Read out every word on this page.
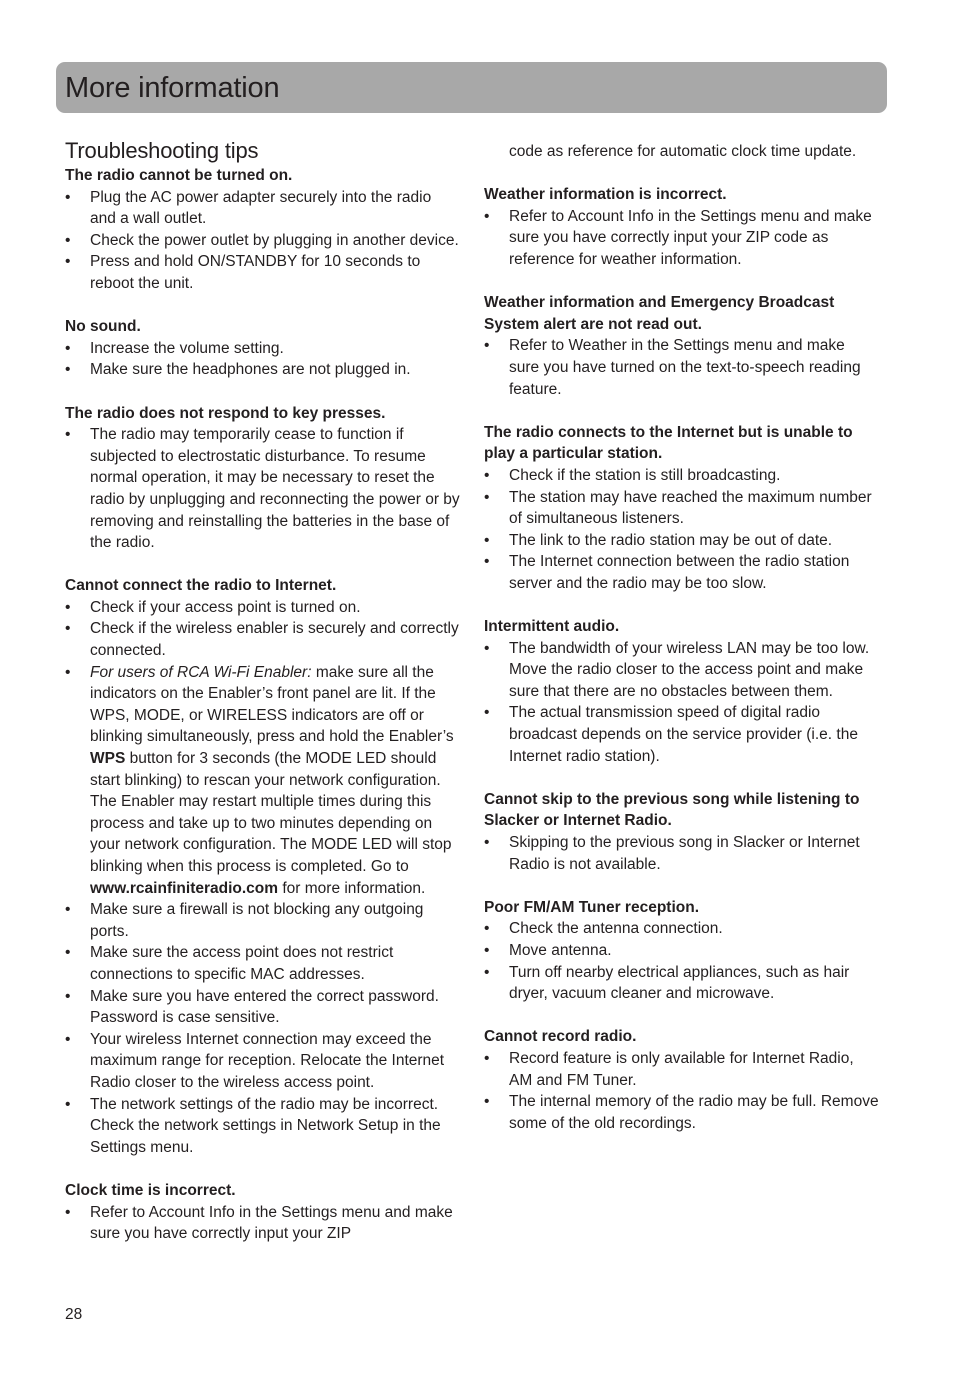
More information
Troubleshooting tips

The radio cannot be turned on.

• Plug the AC power adapter securely into the radio and a wall outlet.
• Check the power outlet by plugging in another device.
• Press and hold ON/STANDBY for 10 seconds to reboot the unit.

No sound.

• Increase the volume setting.
• Make sure the headphones are not plugged in.

The radio does not respond to key presses.

• The radio may temporarily cease to function if subjected to electrostatic disturbance. To resume normal operation, it may be necessary to reset the radio by unplugging and reconnecting the power or by removing and reinstalling the batteries in the base of the radio.

Cannot connect the radio to Internet.

• Check if your access point is turned on.
• Check if the wireless enabler is securely and correctly connected.
• For users of RCA Wi-Fi Enabler: make sure all the indicators on the Enabler’s front panel are lit. If the WPS, MODE, or WIRELESS indicators are off or blinking simultaneously, press and hold the Enabler’s WPS button for 3 seconds (the MODE LED should start blinking) to rescan your network configuration. The Enabler may restart multiple times during this process and take up to two minutes depending on your network configuration. The MODE LED will stop blinking when this process is completed. Go to www.rcainfiniteradio.com for more information.
• Make sure a firewall is not blocking any outgoing ports.
• Make sure the access point does not restrict connections to specific MAC addresses.
• Make sure you have entered the correct password. Password is case sensitive.
• Your wireless Internet connection may exceed the maximum range for reception. Relocate the Internet Radio closer to the wireless access point.
• The network settings of the radio may be incorrect. Check the network settings in Network Setup in the Settings menu.

Clock time is incorrect.

• Refer to Account Info in the Settings menu and make sure you have correctly input your ZIP
code as reference for automatic clock time update.

Weather information is incorrect.

• Refer to Account Info in the Settings menu and make sure you have correctly input your ZIP code as reference for weather information.

Weather information and Emergency Broadcast System alert are not read out.

• Refer to Weather in the Settings menu and make sure you have turned on the text-to-speech reading feature.

The radio connects to the Internet but is unable to play a particular station.

• Check if the station is still broadcasting.
• The station may have reached the maximum number of simultaneous listeners.
• The link to the radio station may be out of date.
• The Internet connection between the radio station server and the radio may be too slow.

Intermittent audio.

• The bandwidth of your wireless LAN may be too low. Move the radio closer to the access point and make sure that there are no obstacles between them.
• The actual transmission speed of digital radio broadcast depends on the service provider (i.e. the Internet radio station).

Cannot skip to the previous song while listening to Slacker or Internet Radio.

• Skipping to the previous song in Slacker or Internet Radio is not available.

Poor FM/AM Tuner reception.

• Check the antenna connection.
• Move antenna.
• Turn off nearby electrical appliances, such as hair dryer, vacuum cleaner and microwave.

Cannot record radio.

• Record feature is only available for Internet Radio, AM and FM Tuner.
• The internal memory of the radio may be full. Remove some of the old recordings.
28
